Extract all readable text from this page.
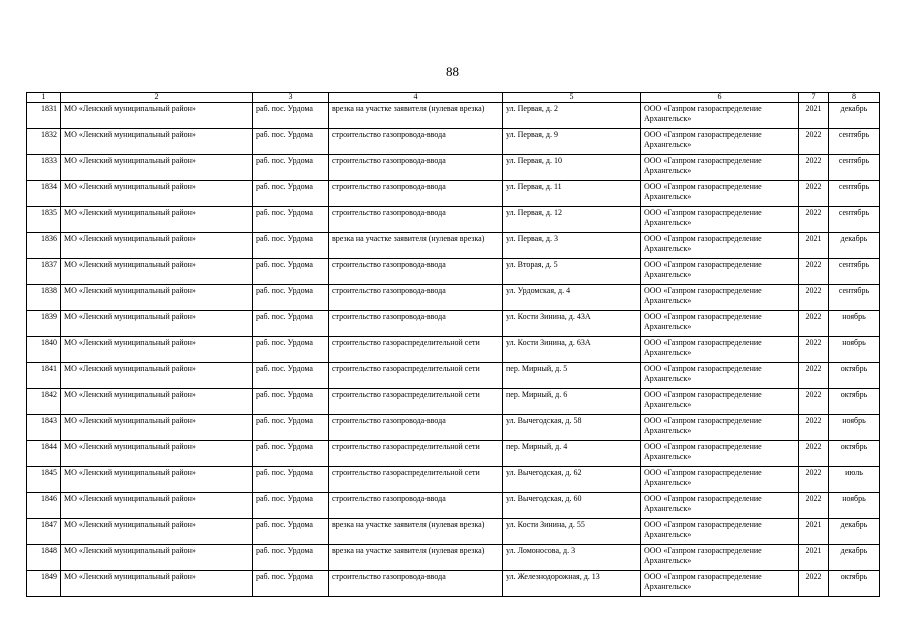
88
1	2	3	4	5	6	7	8
1831	МО «Ленский муниципальный район»	раб. пос. Урдома	врезка на участке заявителя (нулевая врезка)	ул. Первая, д. 2	ООО «Газпром газораспределение Архангельск»	2021	декабрь
1832	МО «Ленский муниципальный район»	раб. пос. Урдома	строительство газопровода-ввода	ул. Первая, д. 9	ООО «Газпром газораспределение Архангельск»	2022	сентябрь
1833	МО «Ленский муниципальный район»	раб. пос. Урдома	строительство газопровода-ввода	ул. Первая, д. 10	ООО «Газпром газораспределение Архангельск»	2022	сентябрь
1834	МО «Ленский муниципальный район»	раб. пос. Урдома	строительство газопровода-ввода	ул. Первая, д. 11	ООО «Газпром газораспределение Архангельск»	2022	сентябрь
1835	МО «Ленский муниципальный район»	раб. пос. Урдома	строительство газопровода-ввода	ул. Первая, д. 12	ООО «Газпром газораспределение Архангельск»	2022	сентябрь
1836	МО «Ленский муниципальный район»	раб. пос. Урдома	врезка на участке заявителя (нулевая врезка)	ул. Первая, д. 3	ООО «Газпром газораспределение Архангельск»	2021	декабрь
1837	МО «Ленский муниципальный район»	раб. пос. Урдома	строительство газопровода-ввода	ул. Вторая, д. 5	ООО «Газпром газораспределение Архангельск»	2022	сентябрь
1838	МО «Ленский муниципальный район»	раб. пос. Урдома	строительство газопровода-ввода	ул. Урдомская, д. 4	ООО «Газпром газораспределение Архангельск»	2022	сентябрь
1839	МО «Ленский муниципальный район»	раб. пос. Урдома	строительство газопровода-ввода	ул. Кости Зинина, д. 43А	ООО «Газпром газораспределение Архангельск»	2022	ноябрь
1840	МО «Ленский муниципальный район»	раб. пос. Урдома	строительство газораспределительной сети	ул. Кости Зинина, д. 63А	ООО «Газпром газораспределение Архангельск»	2022	ноябрь
1841	МО «Ленский муниципальный район»	раб. пос. Урдома	строительство газораспределительной сети	пер. Мирный, д. 5	ООО «Газпром газораспределение Архангельск»	2022	октябрь
1842	МО «Ленский муниципальный район»	раб. пос. Урдома	строительство газораспределительной сети	пер. Мирный, д. 6	ООО «Газпром газораспределение Архангельск»	2022	октябрь
1843	МО «Ленский муниципальный район»	раб. пос. Урдома	строительство газопровода-ввода	ул. Вычегодская, д. 58	ООО «Газпром газораспределение Архангельск»	2022	ноябрь
1844	МО «Ленский муниципальный район»	раб. пос. Урдома	строительство газораспределительной сети	пер. Мирный, д. 4	ООО «Газпром газораспределение Архангельск»	2022	октябрь
1845	МО «Ленский муниципальный район»	раб. пос. Урдома	строительство газораспределительной сети	ул. Вычегодская, д. 62	ООО «Газпром газораспределение Архангельск»	2022	июль
1846	МО «Ленский муниципальный район»	раб. пос. Урдома	строительство газопровода-ввода	ул. Вычегодская, д. 60	ООО «Газпром газораспределение Архангельск»	2022	ноябрь
1847	МО «Ленский муниципальный район»	раб. пос. Урдома	врезка на участке заявителя (нулевая врезка)	ул. Кости Зинина, д. 55	ООО «Газпром газораспределение Архангельск»	2021	декабрь
1848	МО «Ленский муниципальный район»	раб. пос. Урдома	врезка на участке заявителя (нулевая врезка)	ул. Ломоносова, д. 3	ООО «Газпром газораспределение Архангельск»	2021	декабрь
1849	МО «Ленский муниципальный район»	раб. пос. Урдома	строительство газопровода-ввода	ул. Железнодорожная, д. 13	ООО «Газпром газораспределение Архангельск»	2022	октябрь
